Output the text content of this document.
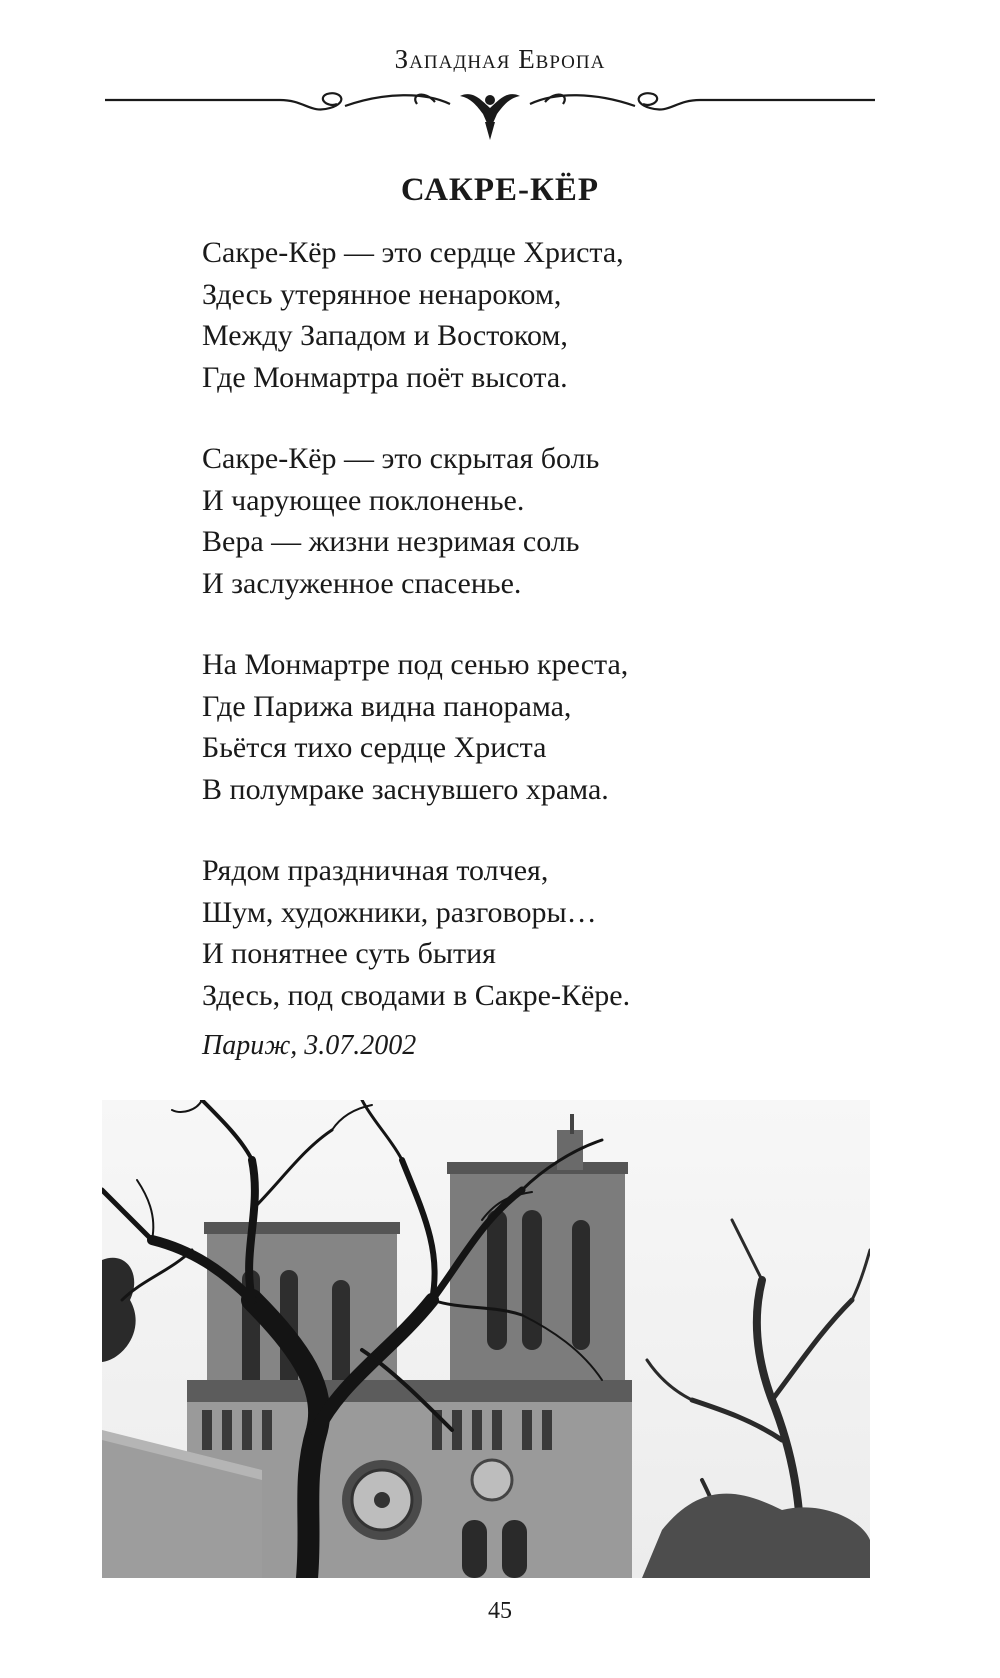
Западная Европа
САКРЕ-КЁР
Сакре-Кёр — это сердце Христа,
Здесь утерянное ненароком,
Между Западом и Востоком,
Где Монмартра поёт высота.
Сакре-Кёр — это скрытая боль
И чарующее поклоненье.
Вера — жизни незримая соль
И заслуженное спасенье.
На Монмартре под сенью креста,
Где Парижа видна панорама,
Бьётся тихо сердце Христа
В полумраке заснувшего храма.
Рядом праздничная толчея,
Шум, художники, разговоры…
И понятнее суть бытия
Здесь, под сводами в Сакре-Кёре.
Париж, 3.07.2002
45
